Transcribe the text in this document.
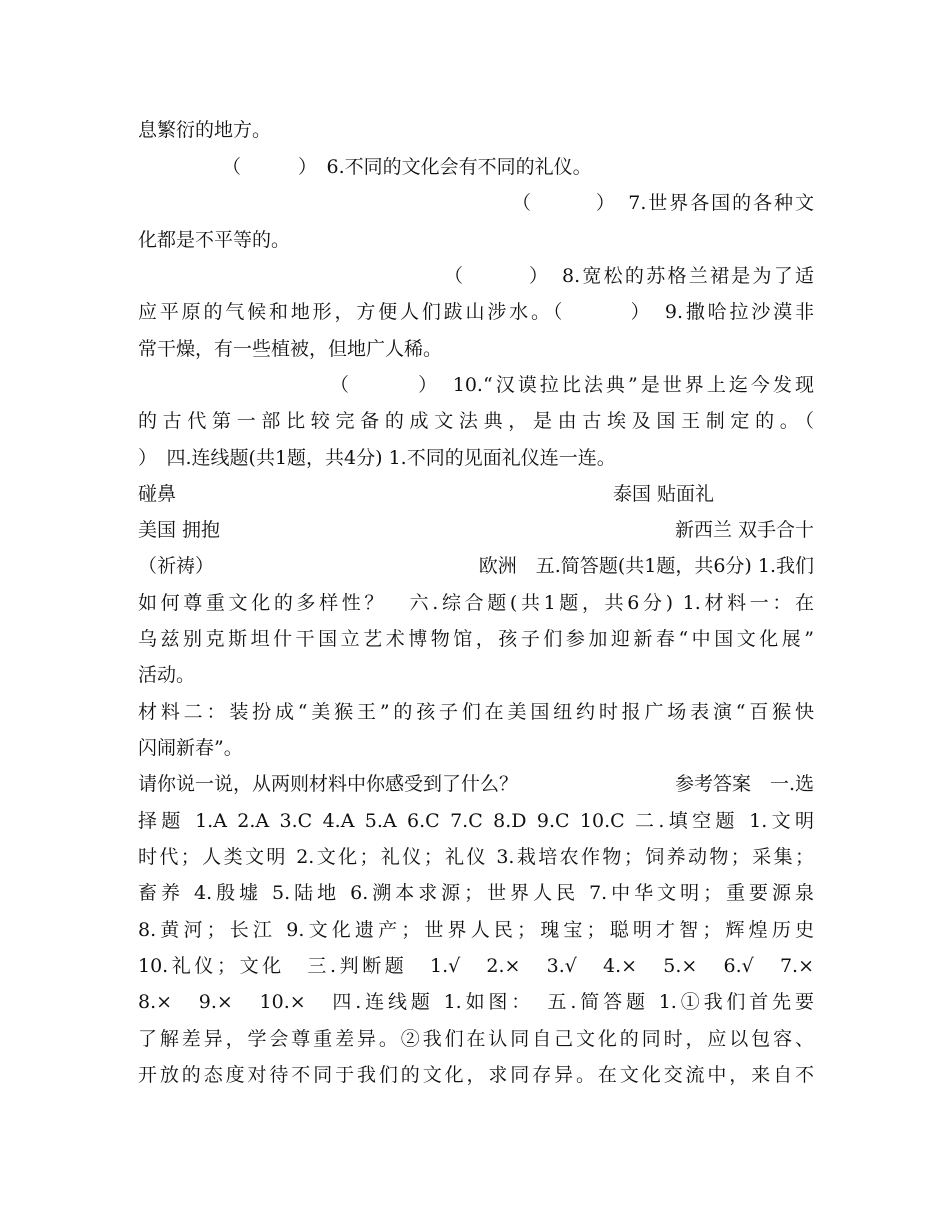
息繁衍的地方。
（　　　）　6.不同的文化会有不同的礼仪。
（　　　）　7.世界各国的各种文
化都是不平等的。
（　　　）　8.宽松的苏格兰裙是为了适
应平原的气候和地形，方便人们跋山涉水。（　　　）　9.撒哈拉沙漠非
常干燥，有一些植被，但地广人稀。
（　　　）　10.“汉谟拉比法典”是世界上迄今发现
的古代第一部比较完备的成文法典，是由古埃及国王制定的。（
）　四.连线题(共1题，共4分) 1.不同的见面礼仪连一连。
碰鼻	泰国 贴面礼
美国 拥抱	新西兰 双手合十
（祈祷）	欧洲　五.简答题(共1题，共6分) 1.我们
如何尊重文化的多样性？　六.综合题(共1题，共6分) 1.材料一：在
乌兹别克斯坦什干国立艺术博物馆，孩子们参加迎新春“中国文化展”
活动。
材料二：装扮成“美猴王”的孩子们在美国纽约时报广场表演“百猴快
闪闹新春”。
请你说一说，从两则材料中你感受到了什么？	参考答案　一.选
择题 1.A 2.A 3.C 4.A 5.A 6.C 7.C 8.D 9.C 10.C 二.填空题 1.文明
时代；人类文明 2.文化；礼仪；礼仪 3.栽培农作物；饲养动物；采集；
畜养 4.殷墟 5.陆地 6.溯本求源；世界人民 7.中华文明；重要源泉
8.黄河；长江 9.文化遗产；世界人民；瑰宝；聪明才智；辉煌历史
10.礼仪；文化　三.判断题　1.√　2.×　3.√　4.×　5.×　6.√　7.×
8.×　9.×　10.×　四.连线题 1.如图：　五.简答题 1.①我们首先要
了解差异，学会尊重差异。②我们在认同自己文化的同时，应以包容、
开放的态度对待不同于我们的文化，求同存异。在文化交流中，来自不
